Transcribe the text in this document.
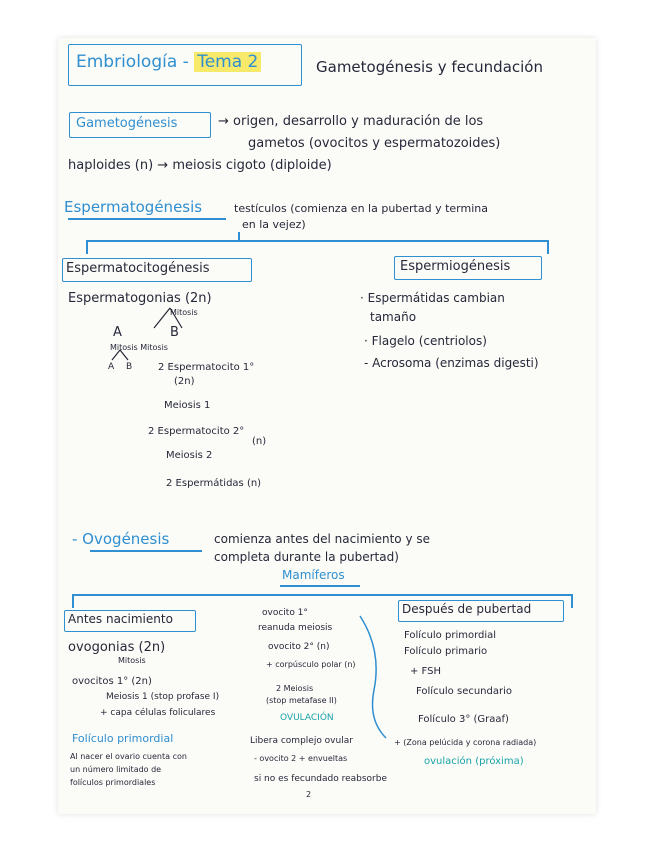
Embriología - Tema 2	Gametogénesis y fecundación
Gametogénesis	→ origen, desarrollo y maduración de los
gametos (ovocitos y espermatozoides)
haploides (n) → meiosis cigoto (diploide)
Espermatogénesis	testículos (comienza en la pubertad y termina
en la vejez)
Espermatocitogénesis
Espermatogonias (2n)
Mitosis
A	B
Mitosis Mitosis
A B	2 Espermatocito 1°
(2n)
Meiosis 1
2 Espermatocito 2°
(n)
Meiosis 2
2 Espermátidas (n)
Espermiogénesis
· Espermátidas cambian
tamaño
· Flagelo (centriolos)
- Acrosoma (enzimas digesti)
- Ovogénesis	comienza antes del nacimiento y se
completa durante la pubertad)
Mamíferos
Antes nacimiento
ovogonias (2n)
Mitosis
ovocitos 1° (2n)
Meiosis 1 (stop profase I)
+ capa células foliculares
Folículo primordial
Al nacer el ovario cuenta con
un número limitado de
folículos primordiales
ovocito 1°
reanuda meiosis
ovocito 2° (n)
+ corpúsculo polar (n)
2 Meiosis
(stop metafase II)
OVULACIÓN
Libera complejo ovular
- ovocito 2 + envueltas
si no es fecundado reabsorbe
2
Después de pubertad
Folículo primordial
Folículo primario
+ FSH
Folículo secundario
Folículo 3° (Graaf)
+ (Zona pelúcida y corona radiada)
ovulación (próxima)
